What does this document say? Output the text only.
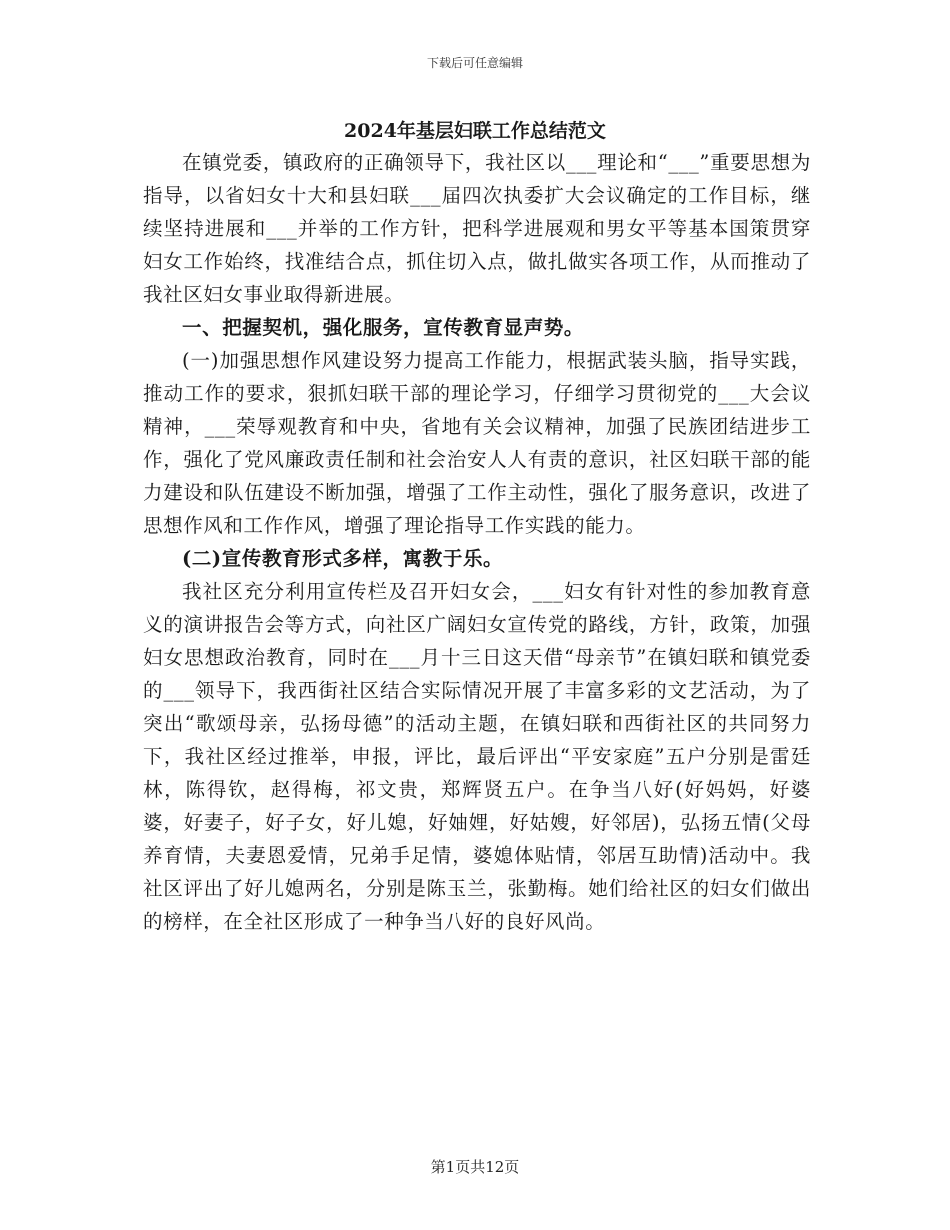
下载后可任意编辑
2024年基层妇联工作总结范文

在镇党委，镇政府的正确领导下，我社区以___理论和“___”重要思想为指导，以省妇女十大和县妇联___届四次执委扩大会议确定的工作目标，继续坚持进展和___并举的工作方针，把科学进展观和男女平等基本国策贯穿妇女工作始终，找准结合点，抓住切入点，做扎做实各项工作，从而推动了我社区妇女事业取得新进展。

一、把握契机，强化服务，宣传教育显声势。

(一)加强思想作风建设努力提高工作能力，根据武装头脑，指导实践，推动工作的要求，狠抓妇联干部的理论学习，仔细学习贯彻党的___大会议精神，___荣辱观教育和中央，省地有关会议精神，加强了民族团结进步工作，强化了党风廉政责任制和社会治安人人有责的意识，社区妇联干部的能力建设和队伍建设不断加强，增强了工作主动性，强化了服务意识，改进了思想作风和工作作风，增强了理论指导工作实践的能力。

(二)宣传教育形式多样，寓教于乐。

我社区充分利用宣传栏及召开妇女会，___妇女有针对性的参加教育意义的演讲报告会等方式，向社区广阔妇女宣传党的路线，方针，政策，加强妇女思想政治教育，同时在___月十三日这天借“母亲节”在镇妇联和镇党委的___领导下，我西街社区结合实际情况开展了丰富多彩的文艺活动，为了突出“歌颂母亲，弘扬母德”的活动主题，在镇妇联和西街社区的共同努力下，我社区经过推举，申报，评比，最后评出“平安家庭”五户分别是雷廷林，陈得钦，赵得梅，祁文贵，郑辉贤五户。在争当八好(好妈妈，好婆婆，好妻子，好子女，好儿媳，好妯娌，好姑嫂，好邻居)，弘扬五情(父母养育情，夫妻恩爱情，兄弟手足情，婆媳体贴情，邻居互助情)活动中。我社区评出了好儿媳两名，分别是陈玉兰，张勤梅。她们给社区的妇女们做出的榜样，在全社区形成了一种争当八好的良好风尚。

第1页共12页
